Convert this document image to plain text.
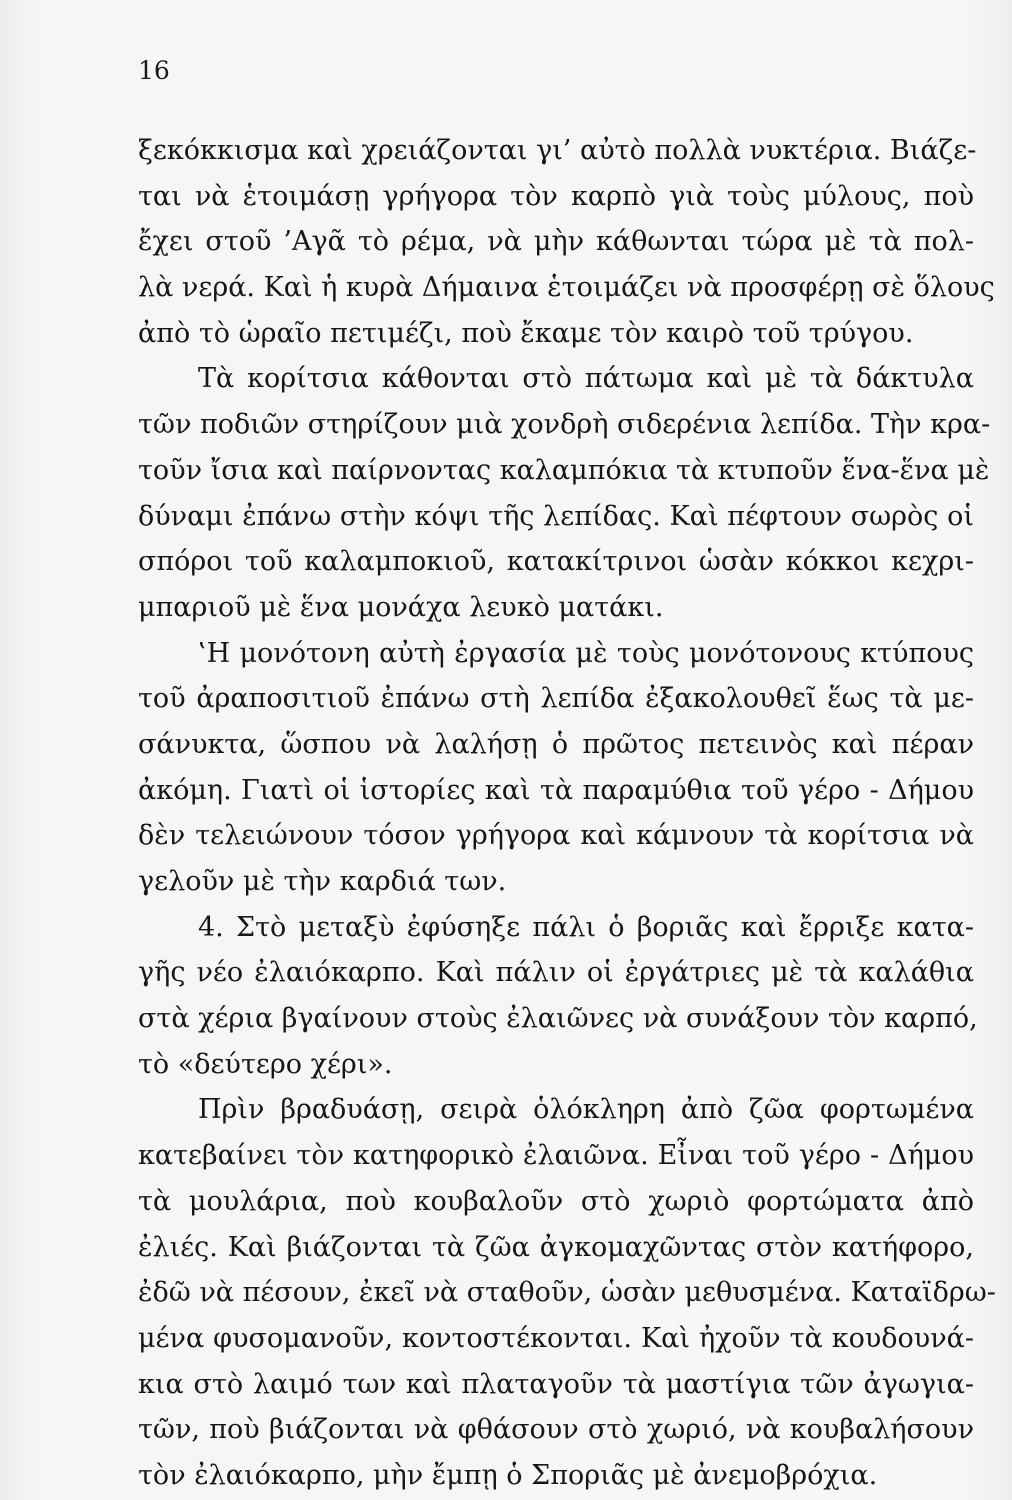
16
ξεκόκκισμα καὶ χρειάζονται γι’ αὐτὸ πολλὰ νυκτέρια. Βιάζε-
ται νὰ ἑτοιμάσῃ γρήγορα τὸν καρπὸ γιὰ τοὺς μύλους, ποὺ
ἔχει στοῦ ’Αγᾶ τὸ ρέμα, νὰ μὴν κάθωνται τώρα μὲ τὰ πολ-
λὰ νερά. Καὶ ἡ κυρὰ Δήμαινα ἑτοιμάζει νὰ προσφέρῃ σὲ ὅλους
ἀπὸ τὸ ὡραῖο πετιμέζι, ποὺ ἔκαμε τὸν καιρὸ τοῦ τρύγου.
Τὰ κορίτσια κάθονται στὸ πάτωμα καὶ μὲ τὰ δάκτυλα
τῶν ποδιῶν στηρίζουν μιὰ χονδρὴ σιδερένια λεπίδα. Τὴν κρα-
τοῦν ἴσια καὶ παίρνοντας καλαμπόκια τὰ κτυποῦν ἕνα-ἕνα μὲ
δύναμι ἐπάνω στὴν κόψι τῆς λεπίδας. Καὶ πέφτουν σωρὸς οἱ
σπόροι τοῦ καλαμποκιοῦ, κατακίτρινοι ὡσὰν κόκκοι κεχρι-
μπαριοῦ μὲ ἕνα μονάχα λευκὸ ματάκι.
‛Η μονότονη αὐτὴ ἐργασία μὲ τοὺς μονότονους κτύπους
τοῦ ἀραποσιτιοῦ ἐπάνω στὴ λεπίδα ἐξακολουθεῖ ἕως τὰ με-
σάνυκτα, ὥσπου νὰ λαλήσῃ ὁ πρῶτος πετεινὸς καὶ πέραν
ἀκόμη. Γιατὶ οἱ ἱστορίες καὶ τὰ παραμύθια τοῦ γέρο - Δήμου
δὲν τελειώνουν τόσον γρήγορα καὶ κάμνουν τὰ κορίτσια νὰ
γελοῦν μὲ τὴν καρδιά των.
4. Στὸ μεταξὺ ἐφύσηξε πάλι ὁ βοριᾶς καὶ ἔρριξε κατα-
γῆς νέο ἐλαιόκαρπο. Καὶ πάλιν οἱ ἐργάτριες μὲ τὰ καλάθια
στὰ χέρια βγαίνουν στοὺς ἐλαιῶνες νὰ συνάξουν τὸν καρπό,
τὸ «δεύτερο χέρι».
Πρὶν βραδυάσῃ, σειρὰ ὁλόκληρη ἀπὸ ζῶα φορτωμένα
κατεβαίνει τὸν κατηφορικὸ ἐλαιῶνα. Εἶναι τοῦ γέρο - Δήμου
τὰ μουλάρια, ποὺ κουβαλοῦν στὸ χωριὸ φορτώματα ἀπὸ
ἐλιές. Καὶ βιάζονται τὰ ζῶα ἀγκομαχῶντας στὸν κατήφορο,
ἐδῶ νὰ πέσουν, ἐκεῖ νὰ σταθοῦν, ὡσὰν μεθυσμένα. Καταϊδρω-
μένα φυσομανοῦν, κοντοστέκονται. Καὶ ἠχοῦν τὰ κουδουνά-
κια στὸ λαιμό των καὶ πλαταγοῦν τὰ μαστίγια τῶν ἀγωγια-
τῶν, ποὺ βιάζονται νὰ φθάσουν στὸ χωριό, νὰ κουβαλήσουν
τὸν ἐλαιόκαρπο, μὴν ἔμπῃ ὁ Σποριᾶς μὲ ἀνεμοβρόχια.
